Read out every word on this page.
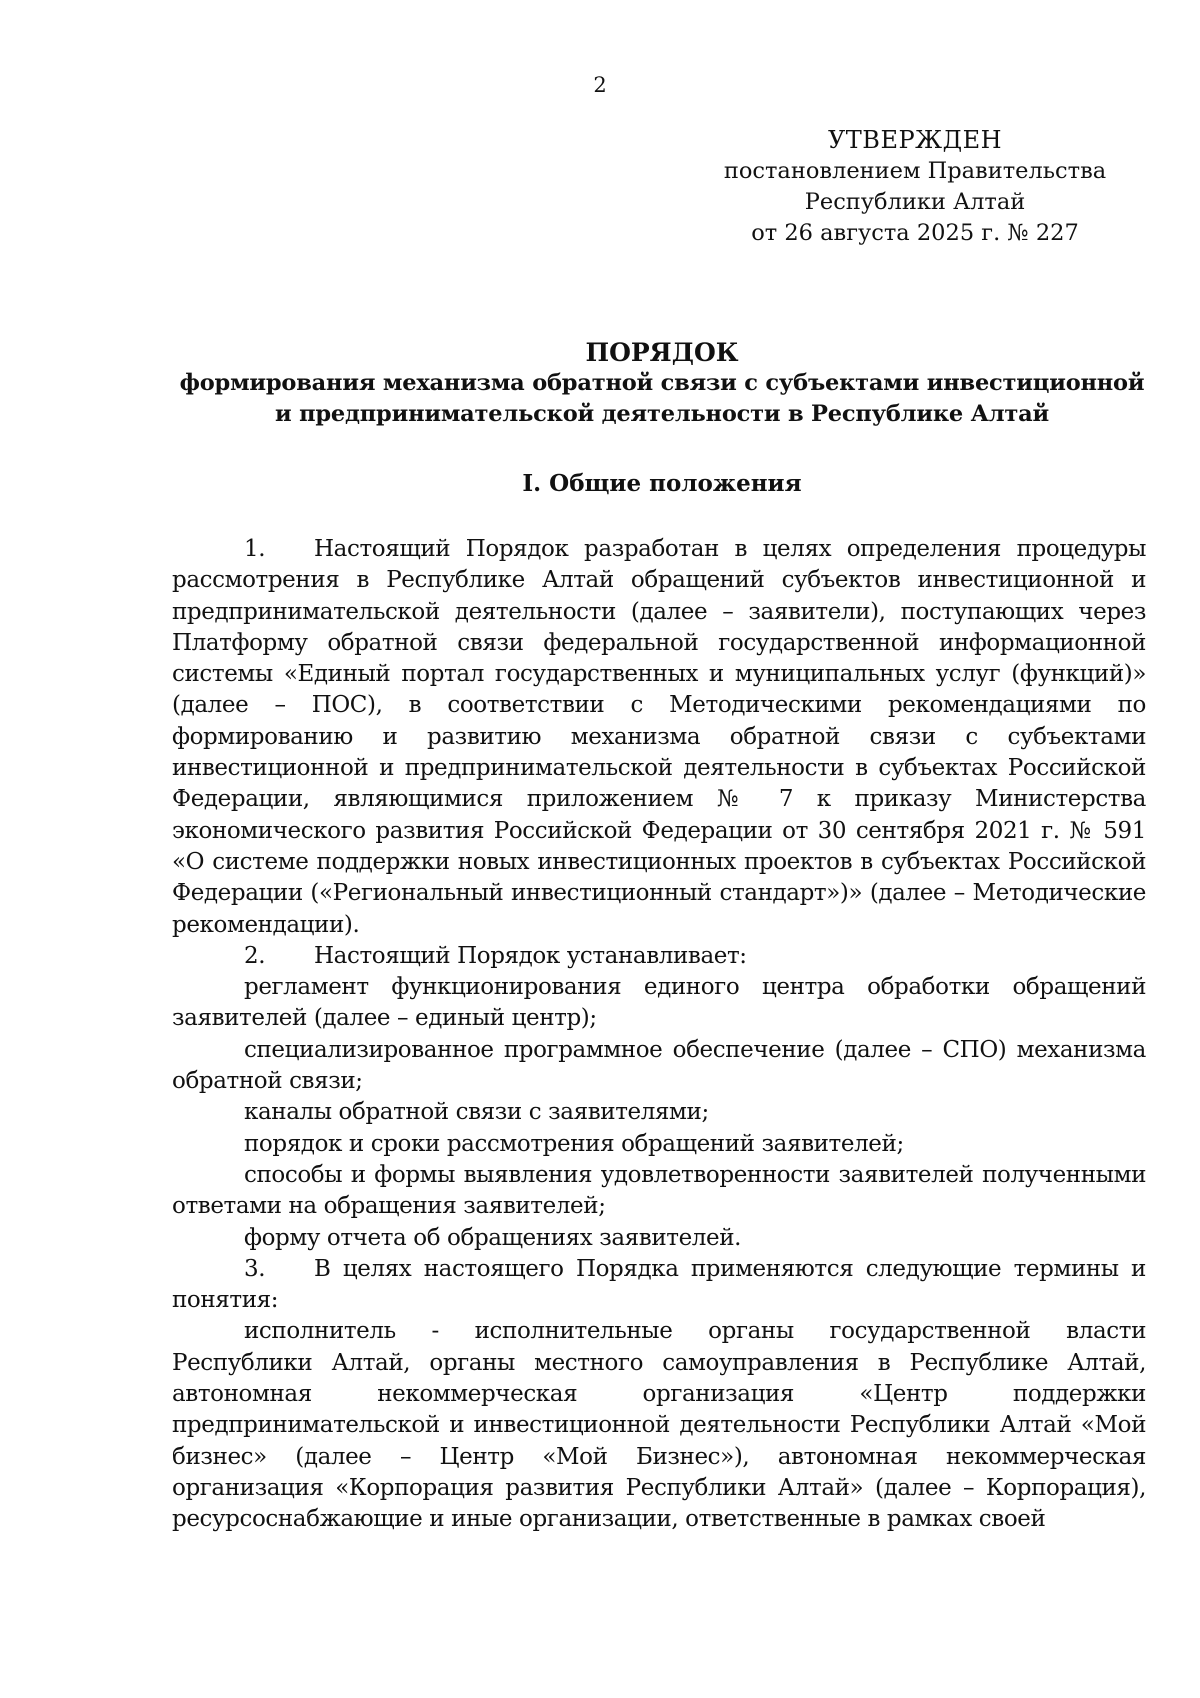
2
УТВЕРЖДЕН
постановлением Правительства
Республики Алтай
от 26 августа 2025 г. № 227
ПОРЯДОК
формирования механизма обратной связи с субъектами инвестиционной и предпринимательской деятельности в Республике Алтай
I. Общие положения

1. Настоящий Порядок разработан в целях определения процедуры рассмотрения в Республике Алтай обращений субъектов инвестиционной и предпринимательской деятельности (далее – заявители), поступающих через Платформу обратной связи федеральной государственной информационной системы «Единый портал государственных и муниципальных услуг (функций)» (далее – ПОС), в соответствии с Методическими рекомендациями по формированию и развитию механизма обратной связи с субъектами инвестиционной и предпринимательской деятельности в субъектах Российской Федерации, являющимися приложением № 7 к приказу Министерства экономического развития Российской Федерации от 30 сентября 2021 г. № 591 «О системе поддержки новых инвестиционных проектов в субъектах Российской Федерации («Региональный инвестиционный стандарт»)» (далее – Методические рекомендации).

2. Настоящий Порядок устанавливает:

регламент функционирования единого центра обработки обращений заявителей (далее – единый центр);

специализированное программное обеспечение (далее – СПО) механизма обратной связи;

каналы обратной связи с заявителями;

порядок и сроки рассмотрения обращений заявителей;

способы и формы выявления удовлетворенности заявителей полученными ответами на обращения заявителей;

форму отчета об обращениях заявителей.

3. В целях настоящего Порядка применяются следующие термины и понятия:

исполнитель - исполнительные органы государственной власти Республики Алтай, органы местного самоуправления в Республике Алтай, автономная некоммерческая организация «Центр поддержки предпринимательской и инвестиционной деятельности Республики Алтай «Мой бизнес» (далее – Центр «Мой Бизнес»), автономная некоммерческая организация «Корпорация развития Республики Алтай» (далее – Корпорация), ресурсоснабжающие и иные организации, ответственные в рамках своей
